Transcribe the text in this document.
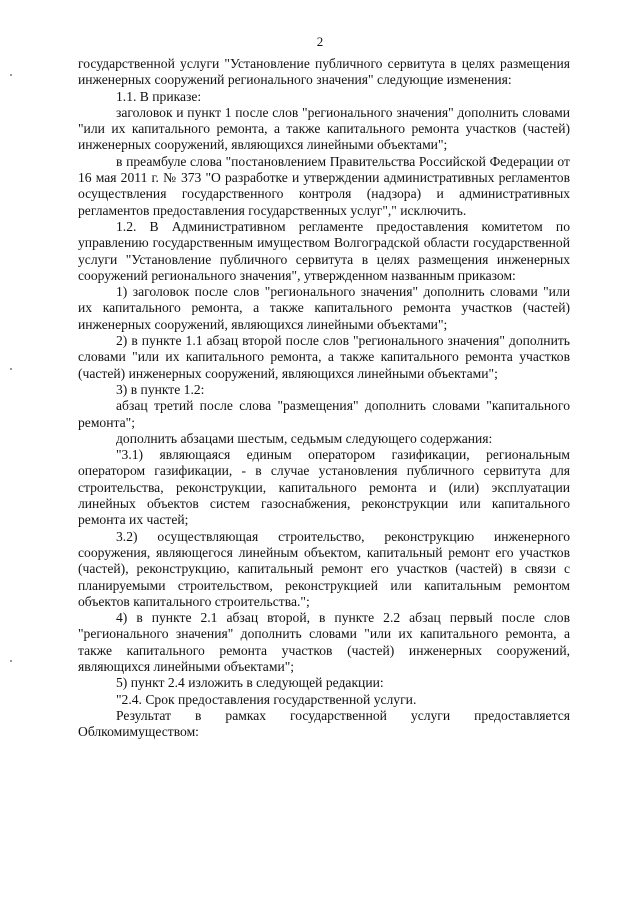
2

государственной услуги "Установление публичного сервитута в целях размещения инженерных сооружений регионального значения" следующие изменения:

1.1. В приказе:

заголовок и пункт 1 после слов "регионального значения" дополнить словами "или их капитального ремонта, а также капитального ремонта участков (частей) инженерных сооружений, являющихся линейными объектами";

в преамбуле слова "постановлением Правительства Российской Федерации от 16 мая 2011 г. № 373 "О разработке и утверждении административных регламентов осуществления государственного контроля (надзора) и административных регламентов предоставления государственных услуг"," исключить.

1.2. В Административном регламенте предоставления комитетом по управлению государственным имуществом Волгоградской области государственной услуги "Установление публичного сервитута в целях размещения инженерных сооружений регионального значения", утвержденном названным приказом:

1) заголовок после слов "регионального значения" дополнить словами "или их капитального ремонта, а также капитального ремонта участков (частей) инженерных сооружений, являющихся линейными объектами";

2) в пункте 1.1 абзац второй после слов "регионального значения" дополнить словами "или их капитального ремонта, а также капитального ремонта участков (частей) инженерных сооружений, являющихся линейными объектами";

3) в пункте 1.2:

абзац третий после слова "размещения" дополнить словами "капитального ремонта";

дополнить абзацами шестым, седьмым следующего содержания:

"3.1) являющаяся единым оператором газификации, региональным оператором газификации, - в случае установления публичного сервитута для строительства, реконструкции, капитального ремонта и (или) эксплуатации линейных объектов систем газоснабжения, реконструкции или капитального ремонта их частей;

3.2) осуществляющая строительство, реконструкцию инженерного сооружения, являющегося линейным объектом, капитальный ремонт его участков (частей), реконструкцию, капитальный ремонт его участков (частей) в связи с планируемыми строительством, реконструкцией или капитальным ремонтом объектов капитального строительства.";

4) в пункте 2.1 абзац второй, в пункте 2.2 абзац первый после слов "регионального значения" дополнить словами "или их капитального ремонта, а также капитального ремонта участков (частей) инженерных сооружений, являющихся линейными объектами";

5) пункт 2.4 изложить в следующей редакции:

"2.4. Срок предоставления государственной услуги.

Результат в рамках государственной услуги предоставляется Облкомимуществом:
